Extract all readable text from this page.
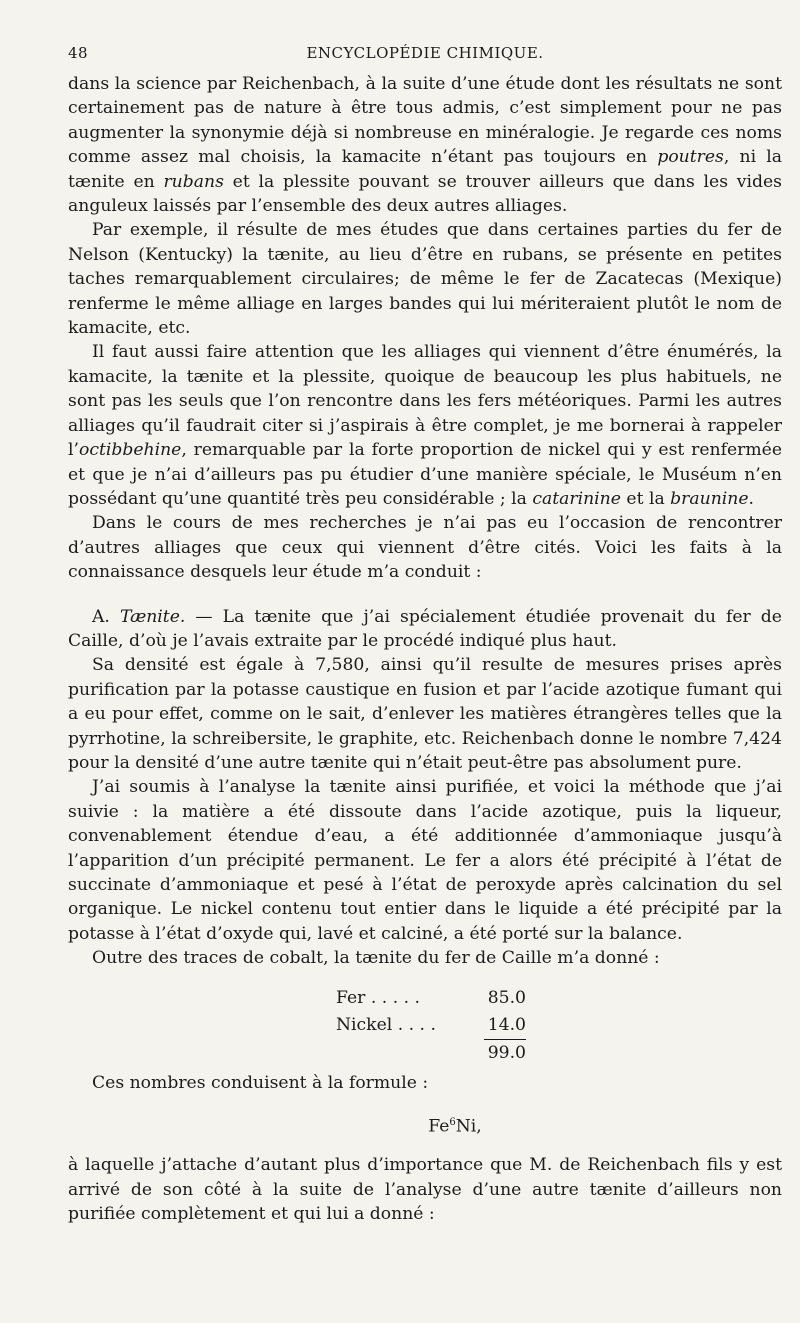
48	ENCYCLOPÉDIE CHIMIQUE.

dans la science par Reichenbach, à la suite d’une étude dont les résultats ne sont certainement pas de nature à être tous admis, c’est simplement pour ne pas augmenter la synonymie déjà si nombreuse en minéralogie. Je regarde ces noms comme assez mal choisis, la kamacite n’étant pas toujours en poutres, ni la tænite en rubans et la plessite pouvant se trouver ailleurs que dans les vides anguleux laissés par l’ensemble des deux autres alliages.

Par exemple, il résulte de mes études que dans certaines parties du fer de Nelson (Kentucky) la tænite, au lieu d’être en rubans, se présente en petites taches remarquablement circulaires; de même le fer de Zacatecas (Mexique) renferme le même alliage en larges bandes qui lui mériteraient plutôt le nom de kamacite, etc.

Il faut aussi faire attention que les alliages qui viennent d’être énumérés, la kamacite, la tænite et la plessite, quoique de beaucoup les plus habituels, ne sont pas les seuls que l’on rencontre dans les fers météoriques. Parmi les autres alliages qu’il faudrait citer si j’aspirais à être complet, je me bornerai à rappeler l’octibbehine, remarquable par la forte proportion de nickel qui y est renfermée et que je n’ai d’ailleurs pas pu étudier d’une manière spéciale, le Muséum n’en possédant qu’une quantité très peu considérable ; la catarinine et la braunine.

Dans le cours de mes recherches je n’ai pas eu l’occasion de rencontrer d’autres alliages que ceux qui viennent d’être cités. Voici les faits à la connaissance desquels leur étude m’a conduit :

A. Tænite. — La tænite que j’ai spécialement étudiée provenait du fer de Caille, d’où je l’avais extraite par le procédé indiqué plus haut.

Sa densité est égale à 7,580, ainsi qu’il resulte de mesures prises après purification par la potasse caustique en fusion et par l’acide azotique fumant qui a eu pour effet, comme on le sait, d’enlever les matières étrangères telles que la pyrrhotine, la schreibersite, le graphite, etc. Reichenbach donne le nombre 7,424 pour la densité d’une autre tænite qui n’était peut-être pas absolument pure.

J’ai soumis à l’analyse la tænite ainsi purifiée, et voici la méthode que j’ai suivie : la matière a été dissoute dans l’acide azotique, puis la liqueur, convenablement étendue d’eau, a été additionnée d’ammoniaque jusqu’à l’apparition d’un précipité permanent. Le fer a alors été précipité à l’état de succinate d’ammoniaque et pesé à l’état de peroxyde après calcination du sel organique. Le nickel contenu tout entier dans le liquide a été précipité par la potasse à l’état d’oxyde qui, lavé et calciné, a été porté sur la balance.

Outre des traces de cobalt, la tænite du fer de Caille m’a donné :

Fer . . . . .	85.0
Nickel . . . .	14.0
99.0

Ces nombres conduisent à la formule :

Fe$^6$Ni,

à laquelle j’attache d’autant plus d’importance que M. de Reichenbach fils y est arrivé de son côté à la suite de l’analyse d’une autre tænite d’ailleurs non purifiée complètement et qui lui a donné :
